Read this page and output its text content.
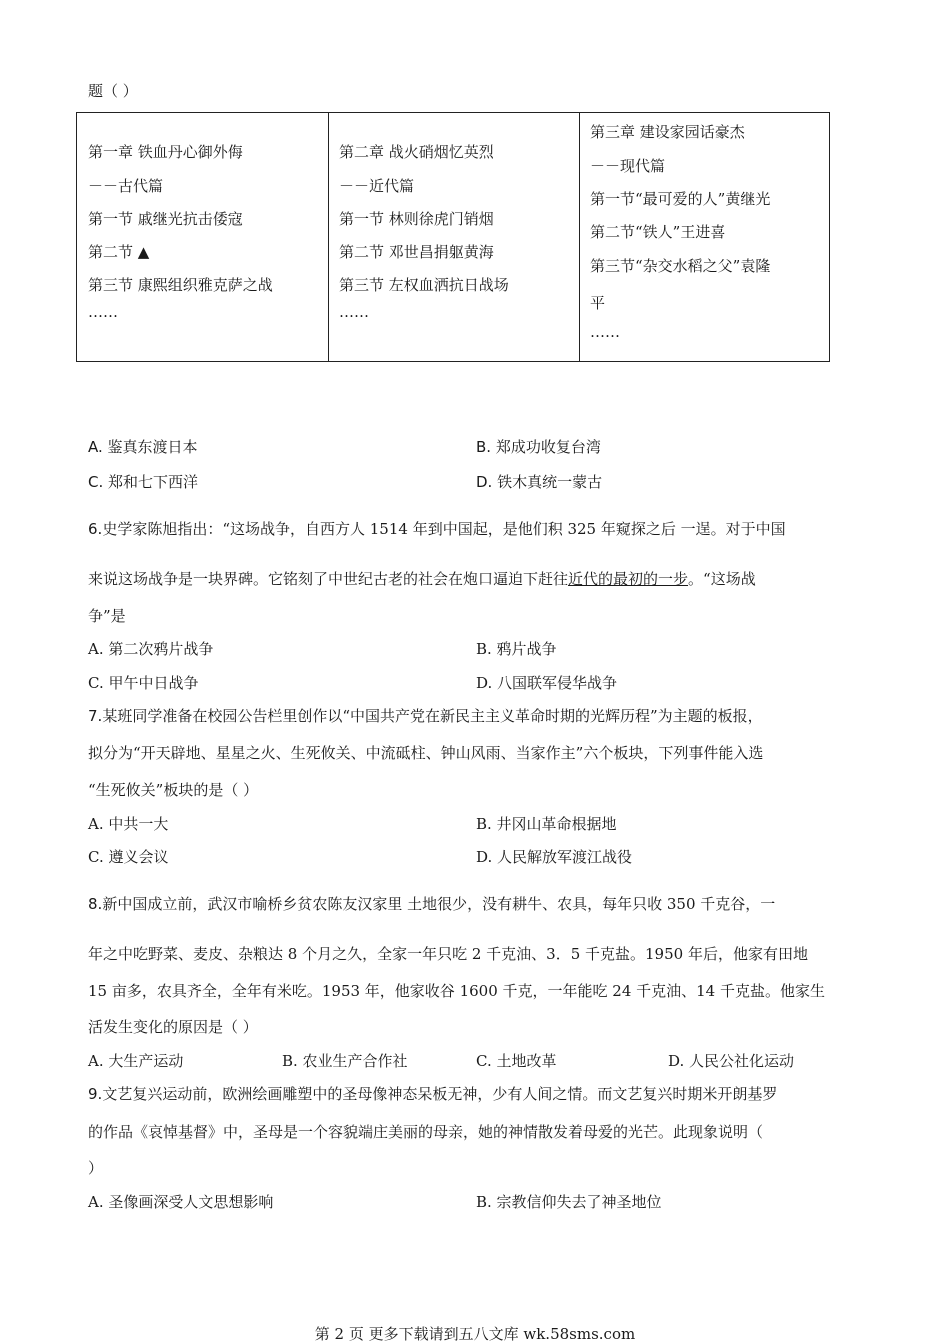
题（ ）
第一章 铁血丹心御外侮
－－古代篇
第一节 戚继光抗击倭寇
第二节 ▲
第三节 康熙组织雅克萨之战
……
第二章 战火硝烟忆英烈
－－近代篇
第一节 林则徐虎门销烟
第二节 邓世昌捐躯黄海
第三节 左权血洒抗日战场
……
第三章 建设家园话豪杰
－－现代篇
第一节“最可爱的人”黄继光
第二节“铁人”王进喜
第三节“杂交水稻之父”袁隆
平
……
A. 鉴真东渡日本	B. 郑成功收复台湾
C. 郑和七下西洋	D. 铁木真统一蒙古
6.史学家陈旭指出：“这场战争，自西方人 1514 年到中国起，是他们积 325 年窥探之后 一逞。对于中国
来说这场战争是一块界碑。它铭刻了中世纪古老的社会在炮口逼迫下赶往近代的最初的一步。“这场战
争”是
A. 第二次鸦片战争	B. 鸦片战争
C. 甲午中日战争	D. 八国联军侵华战争
7.某班同学准备在校园公告栏里创作以“中国共产党在新民主主义革命时期的光辉历程”为主题的板报，
拟分为“开天辟地、星星之火、生死攸关、中流砥柱、钟山风雨、当家作主”六个板块，下列事件能入选
“生死攸关”板块的是（ ）
A. 中共一大	B. 井冈山革命根据地
C. 遵义会议	D. 人民解放军渡江战役
8.新中国成立前，武汉市喻桥乡贫农陈友汉家里 土地很少，没有耕牛、农具，每年只收 350 千克谷，一
年之中吃野菜、麦皮、杂粮达 8 个月之久，全家一年只吃 2 千克油、3．5 千克盐。1950 年后，他家有田地
15 亩多，农具齐全，全年有米吃。1953 年，他家收谷 1600 千克，一年能吃 24 千克油、14 千克盐。他家生
活发生变化的原因是（ ）
A. 大生产运动	B. 农业生产合作社	C. 土地改革	D. 人民公社化运动
9.文艺复兴运动前，欧洲绘画雕塑中的圣母像神态呆板无神，少有人间之情。而文艺复兴时期米开朗基罗
的作品《哀悼基督》中，圣母是一个容貌端庄美丽的母亲，她的神情散发着母爱的光芒。此现象说明（
）
A. 圣像画深受人文思想影响	B. 宗教信仰失去了神圣地位
第 2 页 更多下载请到五八文库 wk.58sms.com
